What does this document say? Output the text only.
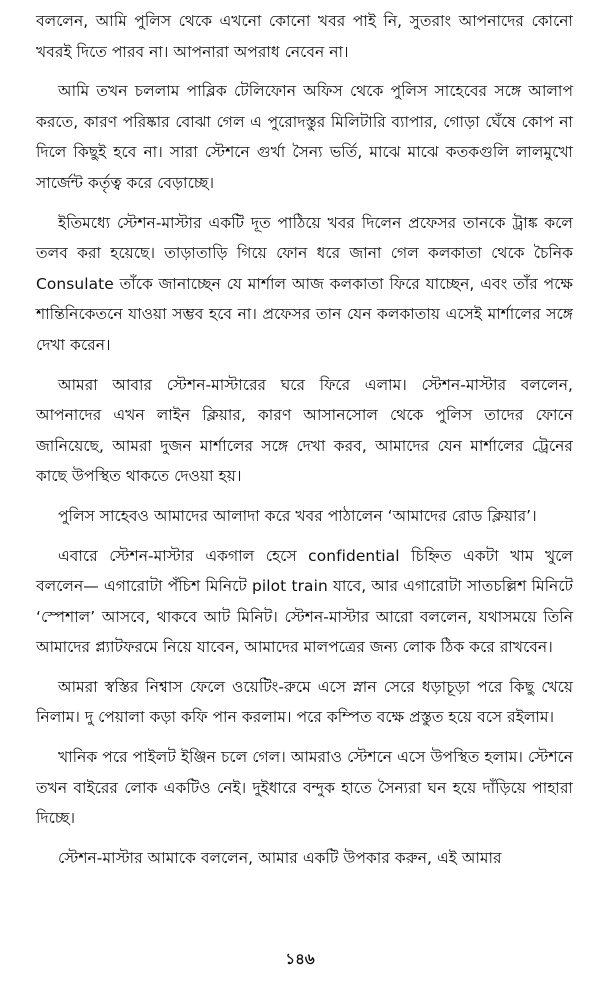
বললেন, আমি পুলিস থেকে এখনো কোনো খবর পাই নি, সুতরাং আপনাদের কোনো খবরই দিতে পারব না। আপনারা অপরাধ নেবেন না।

আমি তখন চললাম পাব্লিক টেলিফোন অফিস থেকে পুলিস সাহেবের সঙ্গে আলাপ করতে, কারণ পরিষ্কার বোঝা গেল এ পুরোদস্তুর মিলিটারি ব্যাপার, গোড়া ঘেঁষে কোপ না দিলে কিছুই হবে না। সারা স্টেশনে গুর্খা সৈন্য ভর্তি, মাঝে মাঝে কতকগুলি লালমুখো সার্জেন্ট কর্তৃত্ব করে বেড়াচ্ছে।

ইতিমধ্যে স্টেশন-মাস্টার একটি দূত পাঠিয়ে খবর দিলেন প্রফেসর তানকে ট্রাঙ্ক কলে তলব করা হয়েছে। তাড়াতাড়ি গিয়ে ফোন ধরে জানা গেল কলকাতা থেকে চৈনিক Consulate তাঁকে জানাচ্ছেন যে মার্শাল আজ কলকাতা ফিরে যাচ্ছেন, এবং তাঁর পক্ষে শান্তিনিকেতনে যাওয়া সম্ভব হবে না। প্রফেসর তান যেন কলকাতায় এসেই মার্শালের সঙ্গে দেখা করেন।

আমরা আবার স্টেশন-মাস্টারের ঘরে ফিরে এলাম। স্টেশন-মাস্টার বললেন, আপনাদের এখন লাইন ক্লিয়ার, কারণ আসানসোল থেকে পুলিস তাদের ফোনে জানিয়েছে, আমরা দুজন মার্শালের সঙ্গে দেখা করব, আমাদের যেন মার্শালের ট্রেনের কাছে উপস্থিত থাকতে দেওয়া হয়।

পুলিস সাহেবও আমাদের আলাদা করে খবর পাঠালেন ‘আমাদের রোড ক্লিয়ার’।

এবারে স্টেশন-মাস্টার একগাল হেসে confidential চিহ্নিত একটা খাম খুলে বললেন— এগারোটা পঁচিশ মিনিটে pilot train যাবে, আর এগারোটা সাতচল্লিশ মিনিটে ‘স্পেশাল’ আসবে, থাকবে আট মিনিট। স্টেশন-মাস্টার আরো বললেন, যথাসময়ে তিনি আমাদের প্ল্যাটফরমে নিয়ে যাবেন, আমাদের মালপত্রের জন্য লোক ঠিক করে রাখবেন।

আমরা স্বস্তির নিশ্বাস ফেলে ওয়েটিং-রুমে এসে স্নান সেরে ধড়াচূড়া পরে কিছু খেয়ে নিলাম। দু পেয়ালা কড়া কফি পান করলাম। পরে কম্পিত বক্ষে প্রস্তুত হয়ে বসে রইলাম।

খানিক পরে পাইলট ইঞ্জিন চলে গেল। আমরাও স্টেশনে এসে উপস্থিত হলাম। স্টেশনে তখন বাইরের লোক একটিও নেই। দুইধারে বন্দুক হাতে সৈন্যরা ঘন হয়ে দাঁড়িয়ে পাহারা দিচ্ছে।

স্টেশন-মাস্টার আমাকে বললেন, আমার একটি উপকার করুন, এই আমার

১৪৬
